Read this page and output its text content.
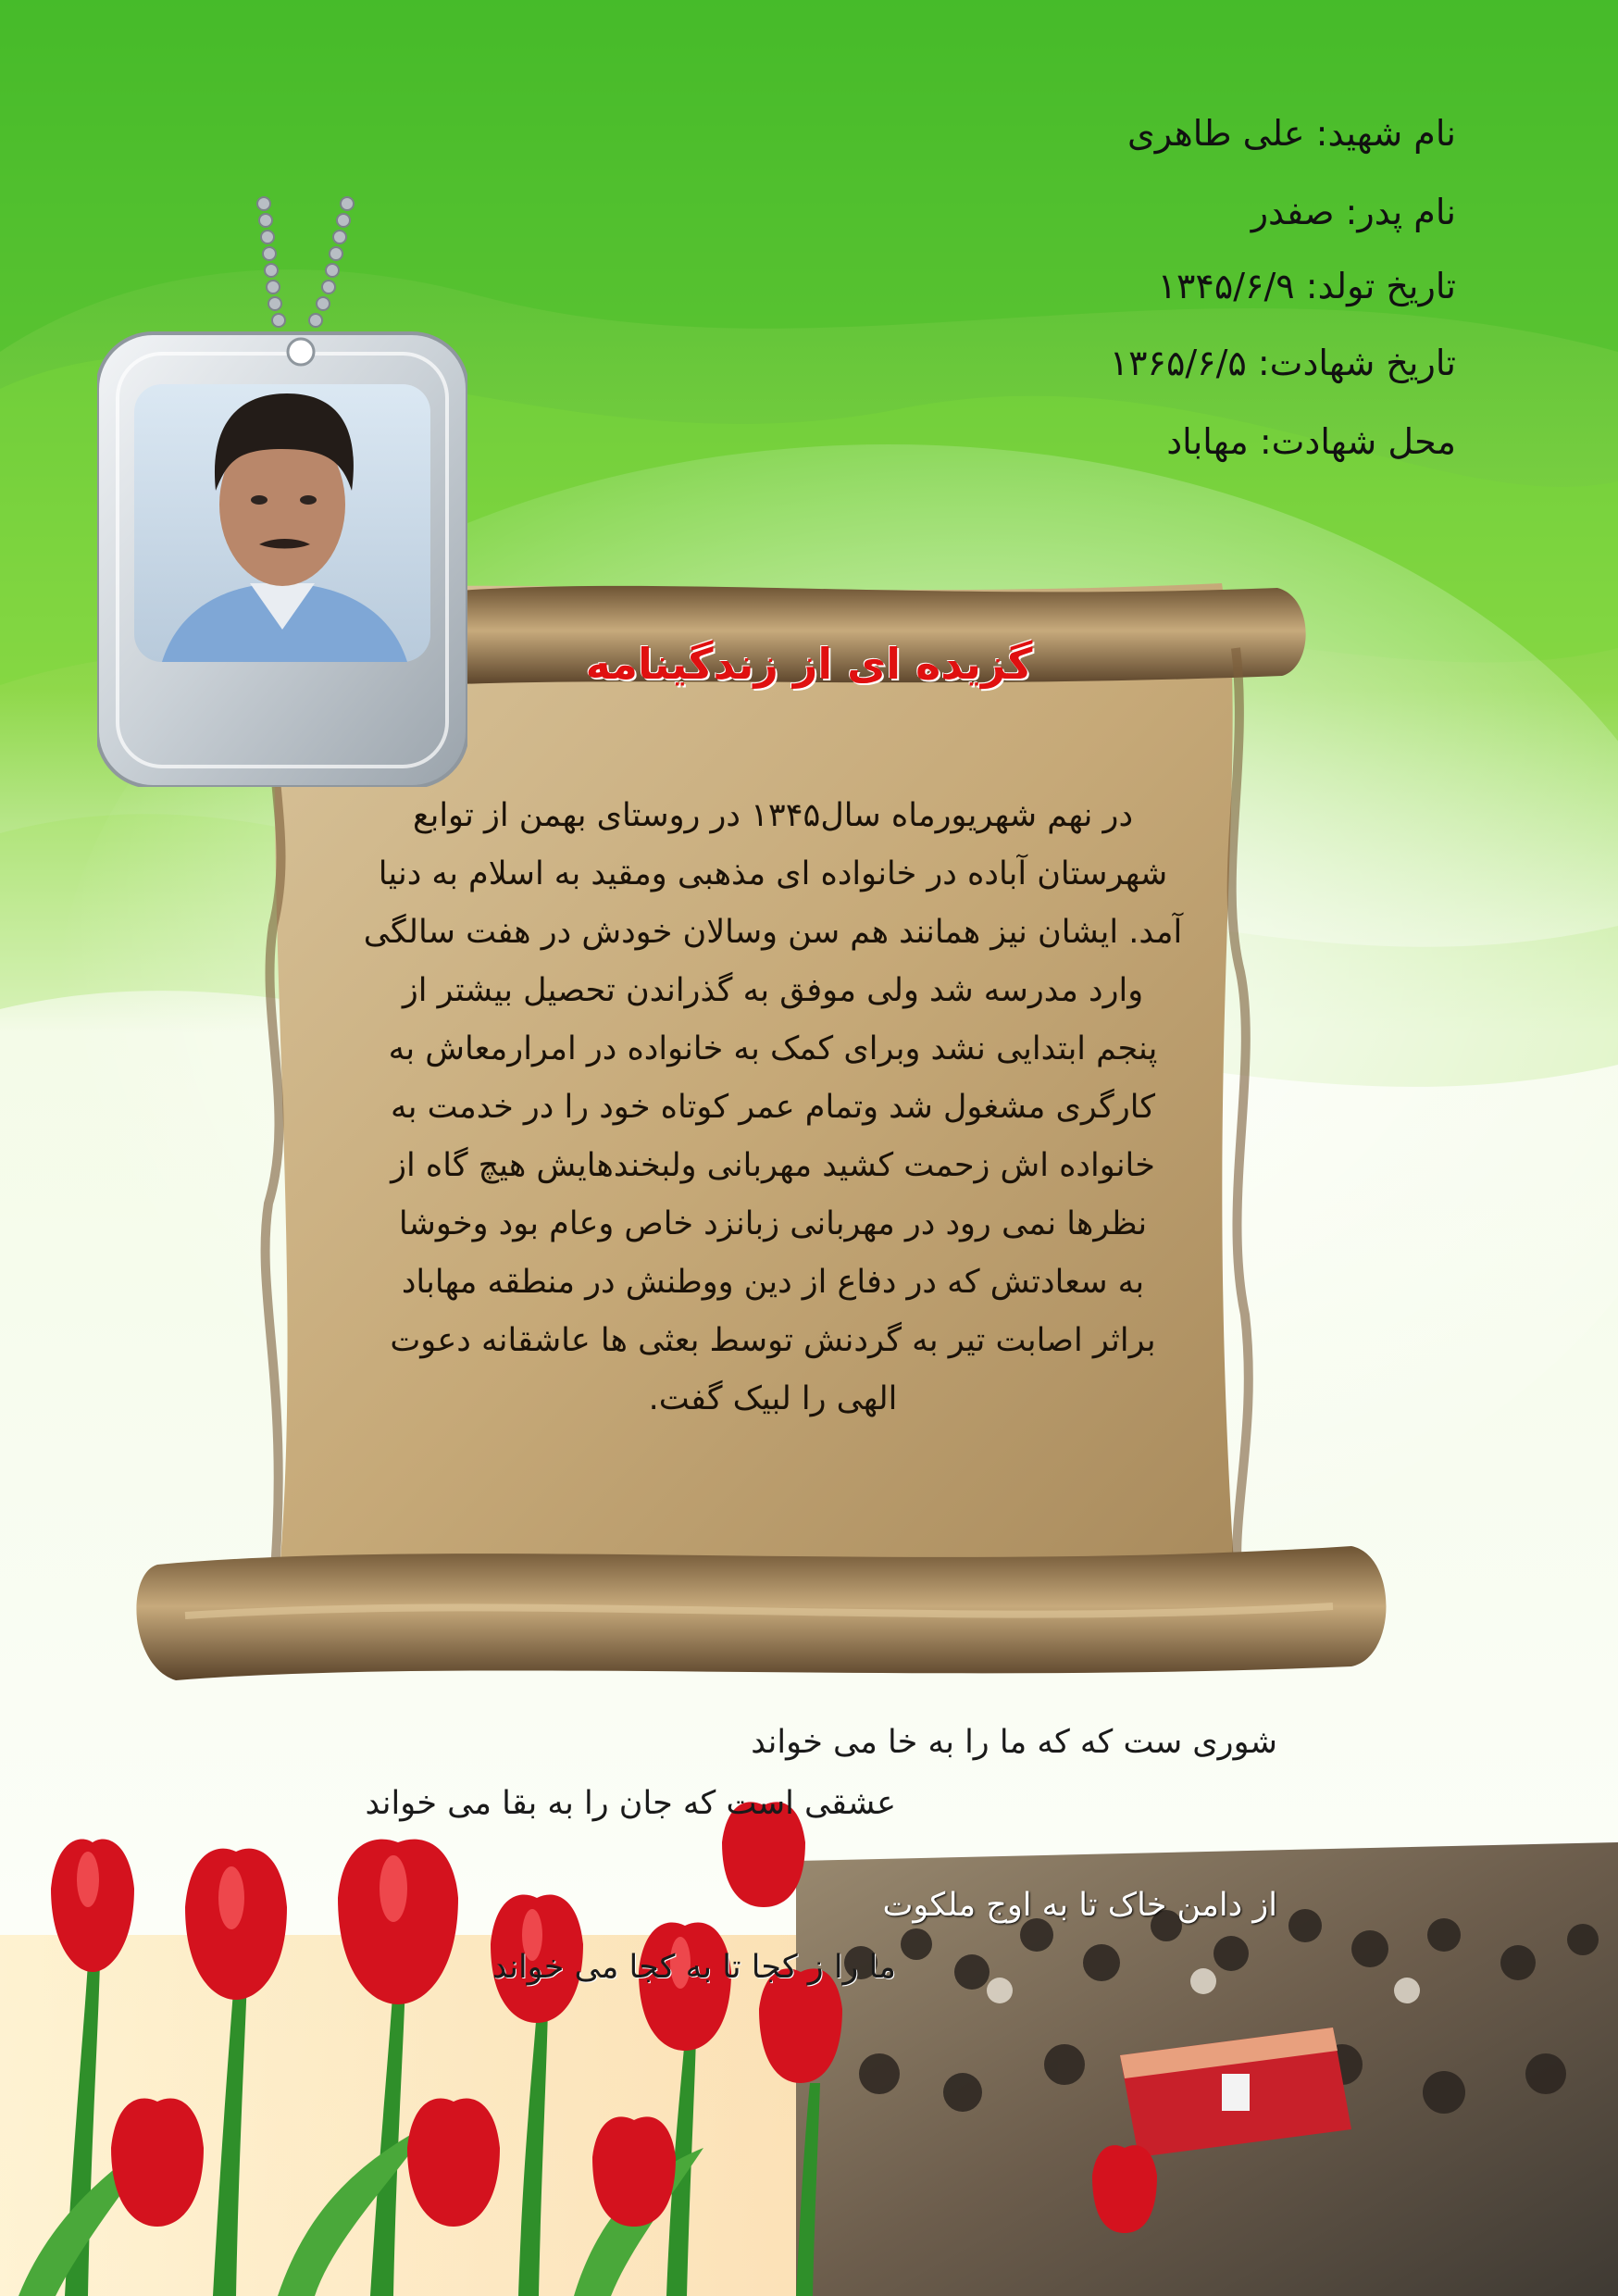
نام شهید: علی طاهری
نام پدر: صفدر
تاریخ تولد: ۱۳۴۵/۶/۹
تاریخ شهادت: ۱۳۶۵/۶/۵
محل شهادت: مهاباد
گزیده ای از زندگینامه
در نهم شهریورماه سال۱۳۴۵ در روستای بهمن از توابع
شهرستان آباده در خانواده ای مذهبی ومقید به اسلام به دنیا
آمد. ایشان نیز همانند هم سن وسالان خودش در هفت سالگی
وارد مدرسه شد ولی موفق به گذراندن تحصیل بیشتر از
پنجم ابتدایی نشد وبرای کمک به خانواده در امرارمعاش به
کارگری مشغول شد وتمام عمر کوتاه خود را در خدمت به
خانواده اش زحمت کشید مهربانی ولبخندهایش هیچ گاه از
نظرها نمی رود در مهربانی زبانزد خاص وعام بود وخوشا
به سعادتش که در دفاع از دین ووطنش در منطقه مهاباد
براثر اصابت تیر به گردنش توسط بعثی ها عاشقانه دعوت
الهی را لبیک گفت.
شوری ست که که ما را به خا می خواند
عشقی است که جان را به بقا می خواند
از دامن خاک تا به اوج ملکوت
ما را ز کجا تا به کجا می خواند
